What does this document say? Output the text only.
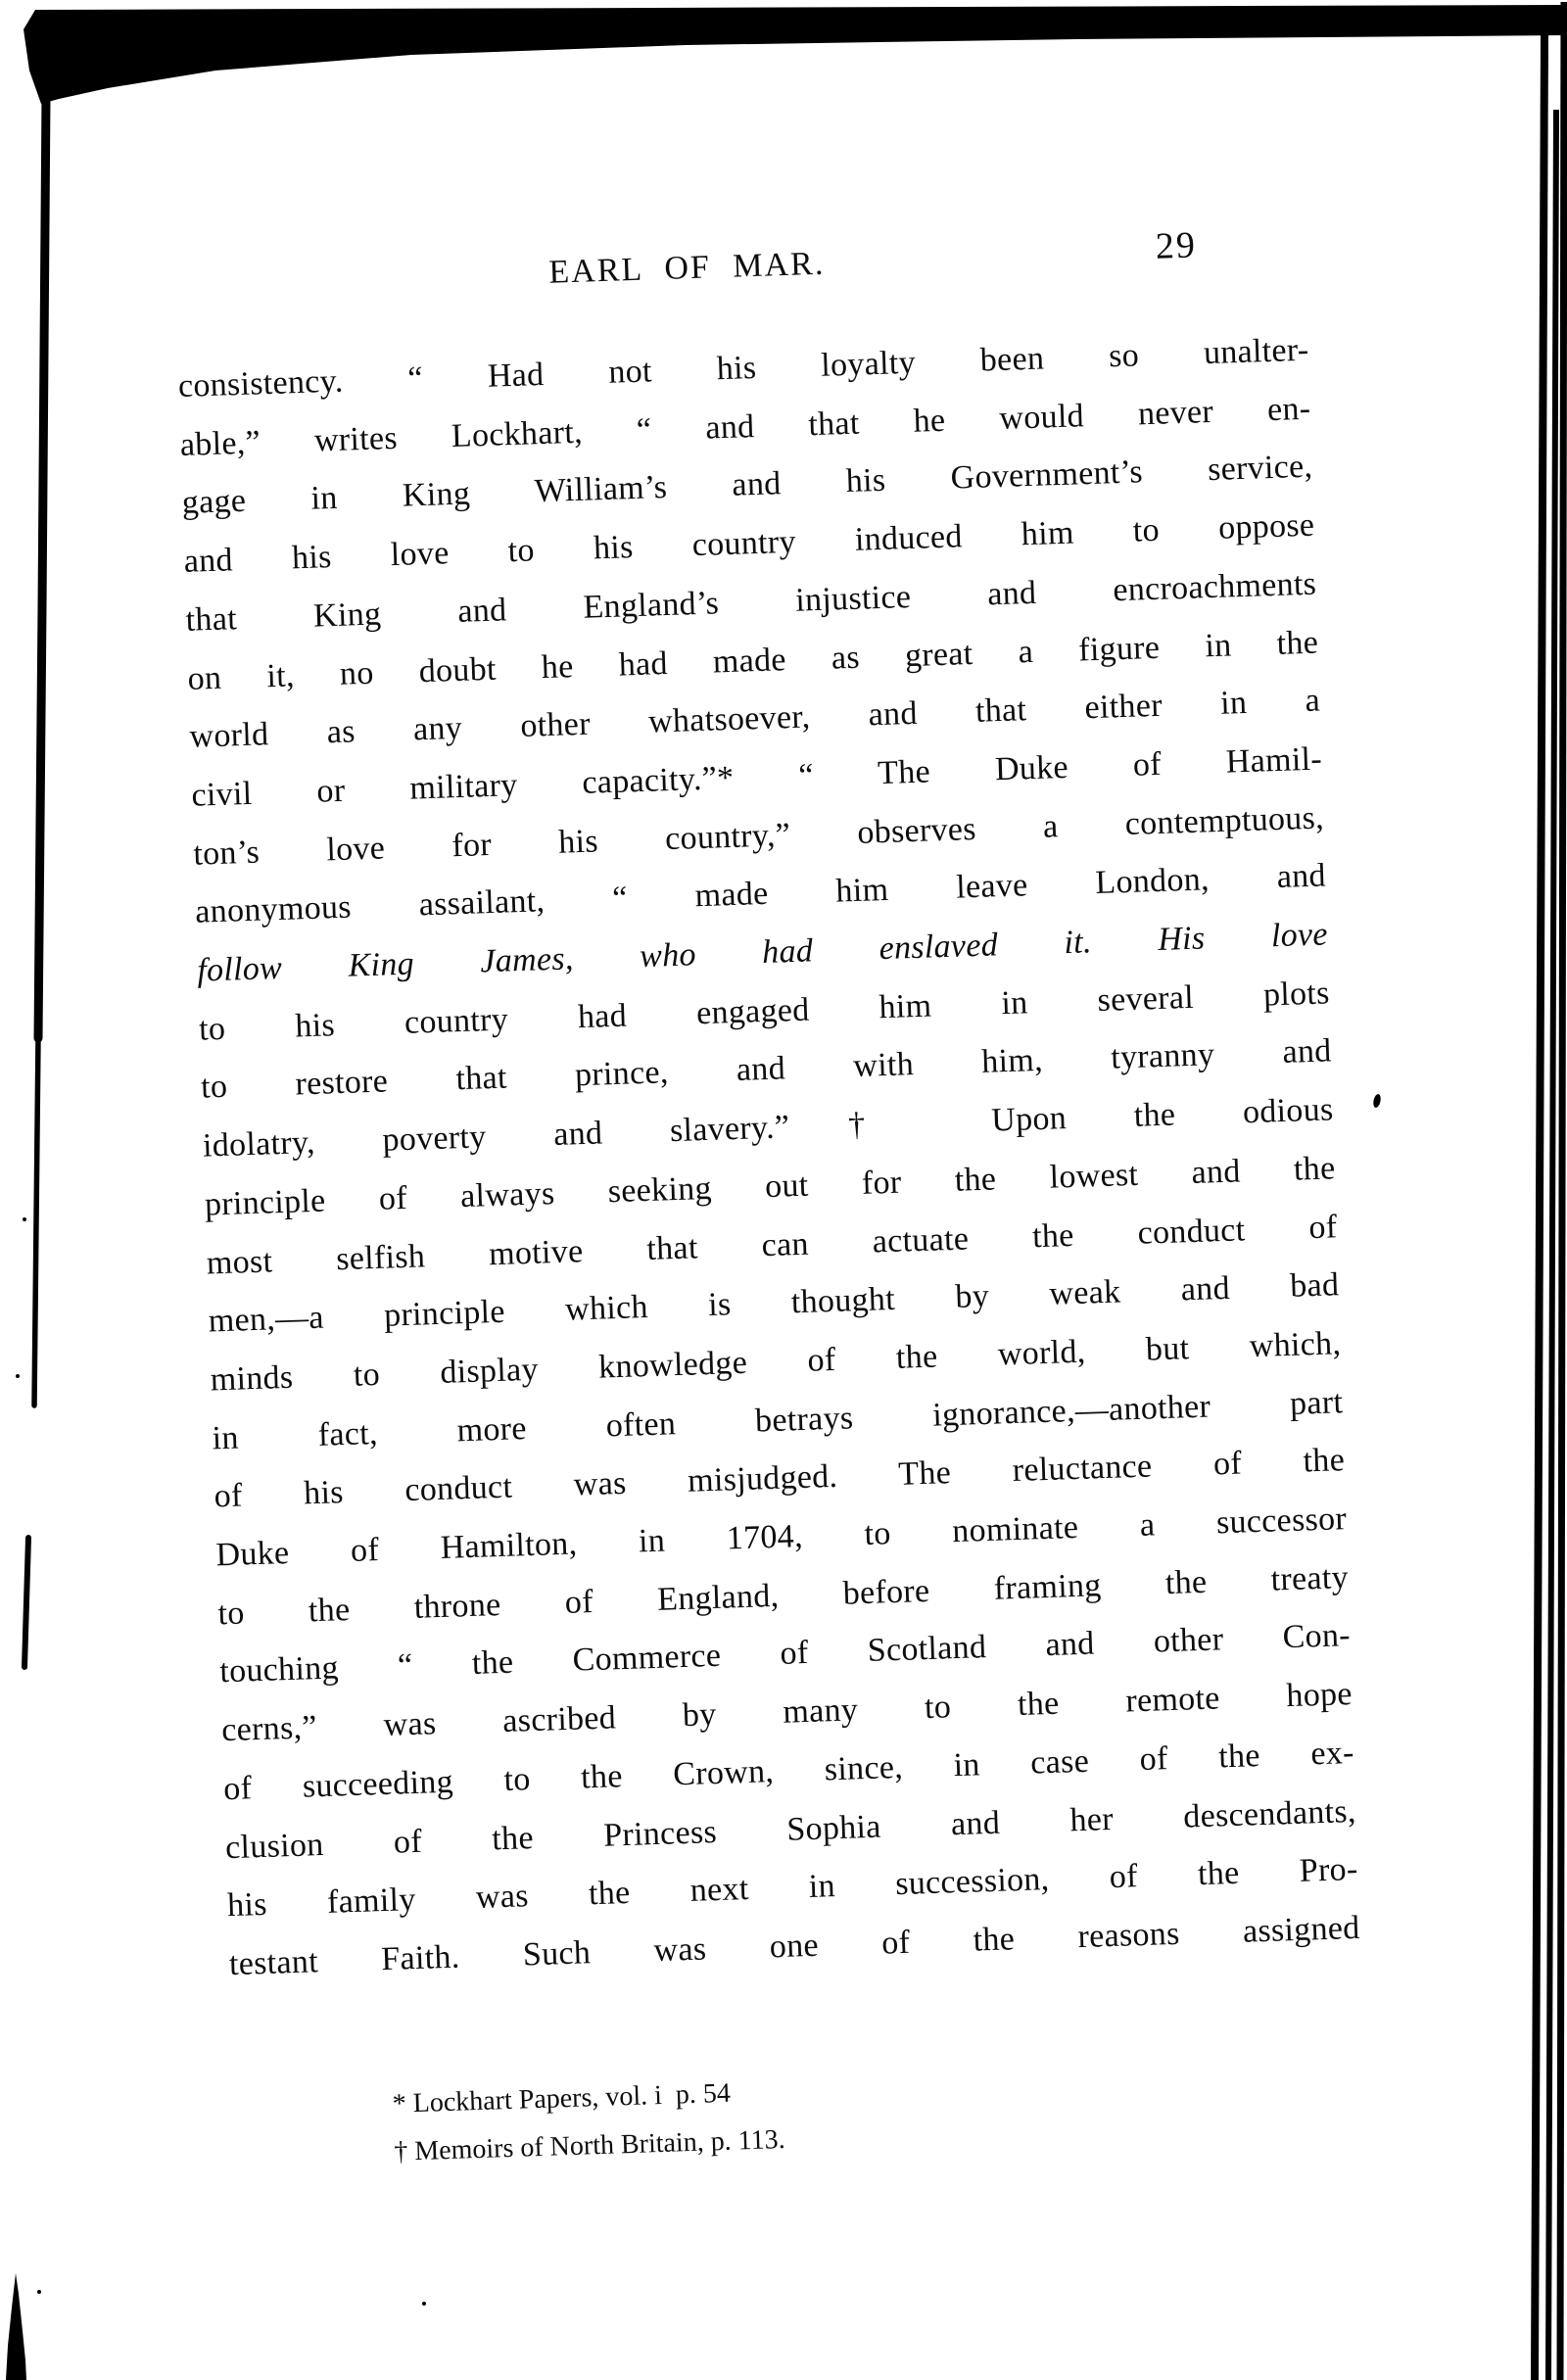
EARL OF MAR.	29
consistency. “ Had not his loyalty been so unalter-
able,” writes Lockhart, “ and that he would never en-
gage in King William’s and his Government’s service,
and his love to his country induced him to oppose
that King and England’s injustice and encroachments
on it, no doubt he had made as great a figure in the
world as any other whatsoever, and that either in a
civil or military capacity.”* “ The Duke of Hamil-
ton’s love for his country,” observes a contemptuous,
anonymous assailant, “ made him leave London, and
follow King James, who had enslaved it. His love
to his country had engaged him in several plots
to restore that prince, and with him, tyranny and
idolatry, poverty and slavery.”† Upon the odious
principle of always seeking out for the lowest and the
most selfish motive that can actuate the conduct of
men,—a principle which is thought by weak and bad
minds to display knowledge of the world, but which,
in fact, more often betrays ignorance,—another part
of his conduct was misjudged. The reluctance of the
Duke of Hamilton, in 1704, to nominate a successor
to the throne of England, before framing the treaty
touching “ the Commerce of Scotland and other Con-
cerns,” was ascribed by many to the remote hope
of succeeding to the Crown, since, in case of the ex-
clusion of the Princess Sophia and her descendants,
his family was the next in succession, of the Pro-
testant Faith. Such was one of the reasons assigned
* Lockhart Papers, vol. i  p. 54
† Memoirs of North Britain, p. 113.
